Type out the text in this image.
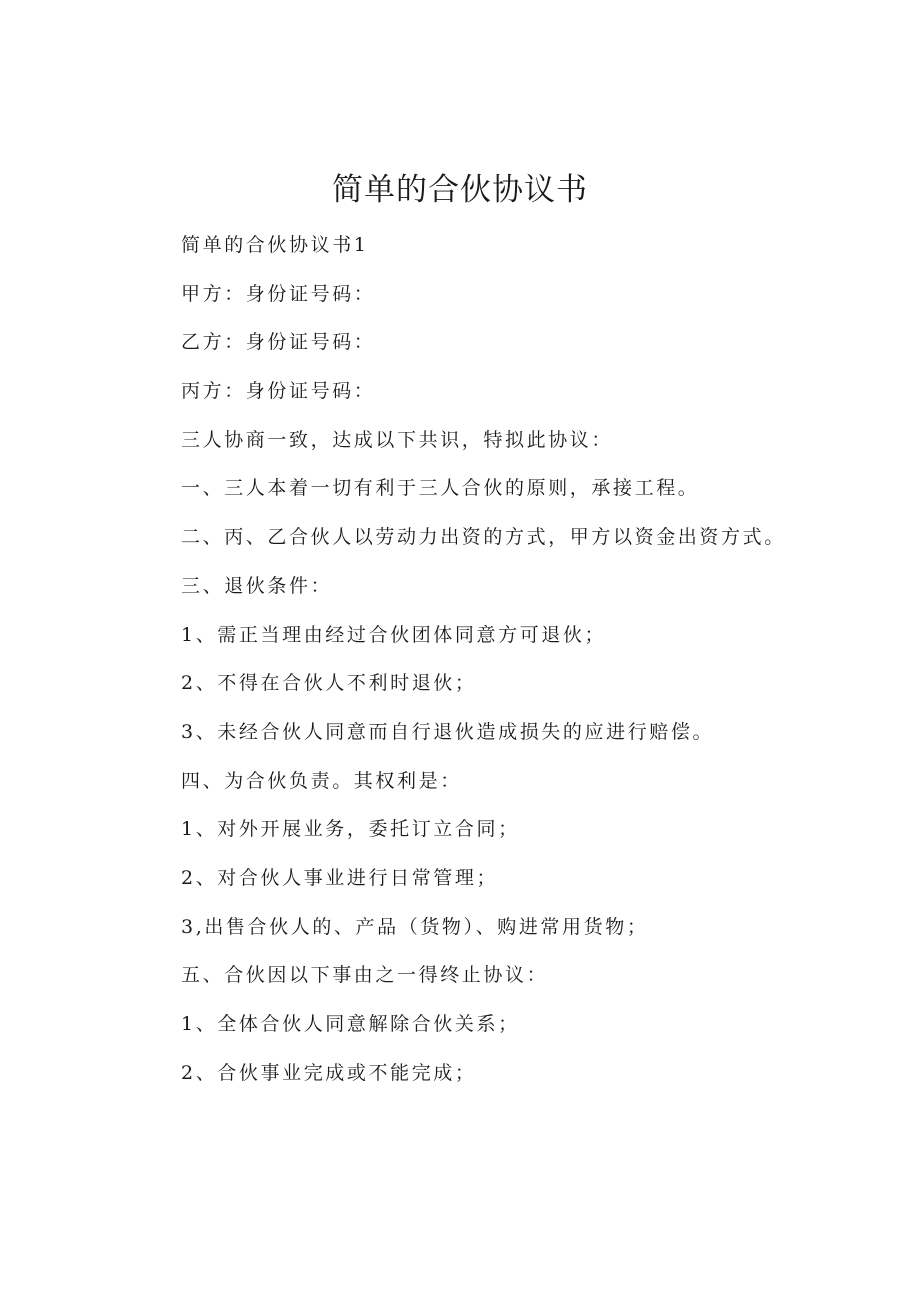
简单的合伙协议书
简单的合伙协议书1
甲方：身份证号码：
乙方：身份证号码：
丙方：身份证号码：
三人协商一致，达成以下共识，特拟此协议：
一、三人本着一切有利于三人合伙的原则，承接工程。
二、丙、乙合伙人以劳动力出资的方式，甲方以资金出资方式。
三、退伙条件：
1、需正当理由经过合伙团体同意方可退伙；
2、不得在合伙人不利时退伙；
3、未经合伙人同意而自行退伙造成损失的应进行赔偿。
四、为合伙负责。其权利是：
1、对外开展业务，委托订立合同；
2、对合伙人事业进行日常管理；
3,出售合伙人的、产品（货物）、购进常用货物；
五、合伙因以下事由之一得终止协议：
1、全体合伙人同意解除合伙关系；
2、合伙事业完成或不能完成；
